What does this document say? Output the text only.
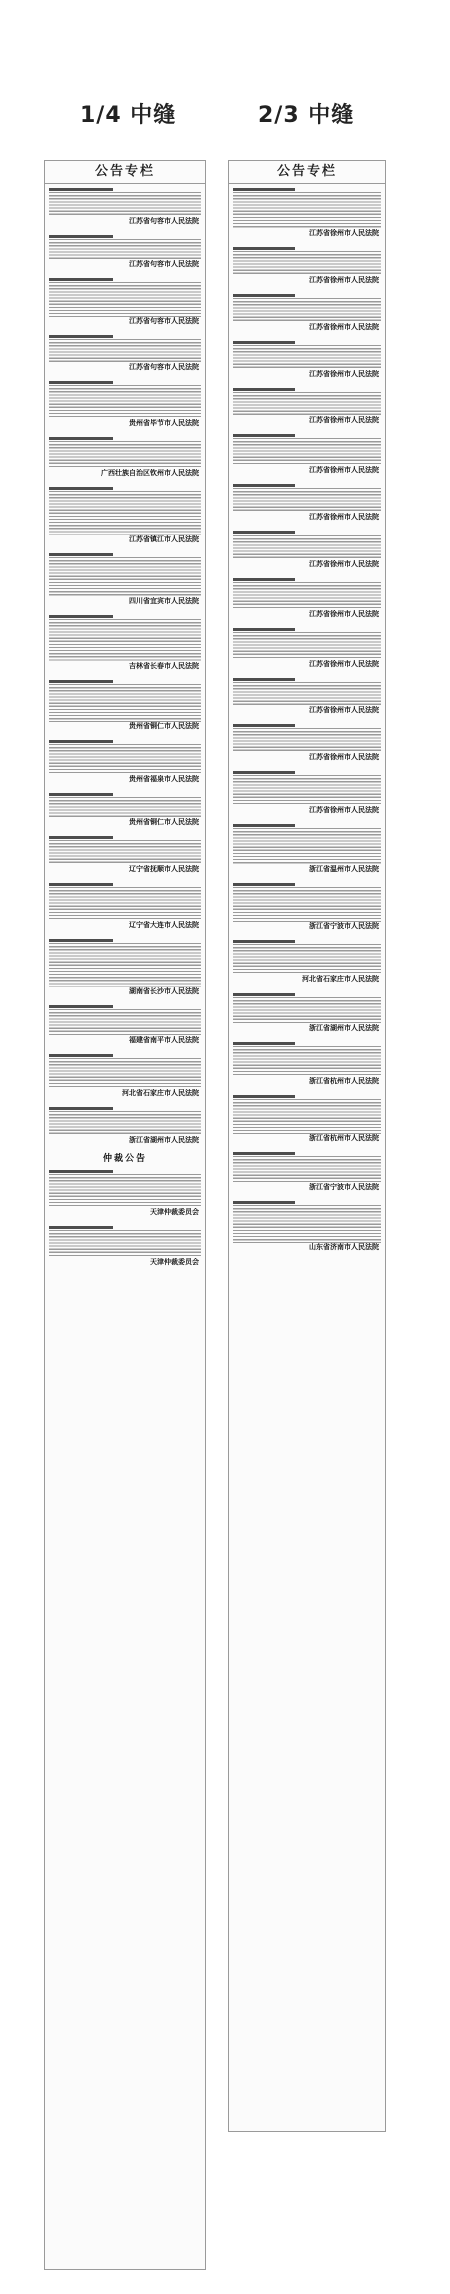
1/4 中缝	2/3 中缝
公告专栏
江苏省句容市人民法院
江苏省句容市人民法院
江苏省句容市人民法院
江苏省句容市人民法院
贵州省毕节市人民法院
广西壮族自治区钦州市人民法院
江苏省镇江市人民法院
四川省宜宾市人民法院
吉林省长春市人民法院
贵州省铜仁市人民法院
贵州省福泉市人民法院
贵州省铜仁市人民法院
辽宁省抚顺市人民法院
辽宁省大连市人民法院
湖南省长沙市人民法院
福建省南平市人民法院
河北省石家庄市人民法院
浙江省湖州市人民法院
仲裁公告
天津仲裁委员会
天津仲裁委员会
公告专栏
江苏省徐州市人民法院
江苏省徐州市人民法院
江苏省徐州市人民法院
江苏省徐州市人民法院
江苏省徐州市人民法院
江苏省徐州市人民法院
江苏省徐州市人民法院
江苏省徐州市人民法院
江苏省徐州市人民法院
江苏省徐州市人民法院
江苏省徐州市人民法院
江苏省徐州市人民法院
江苏省徐州市人民法院
浙江省温州市人民法院
浙江省宁波市人民法院
河北省石家庄市人民法院
浙江省湖州市人民法院
浙江省杭州市人民法院
浙江省杭州市人民法院
浙江省宁波市人民法院
山东省济南市人民法院
